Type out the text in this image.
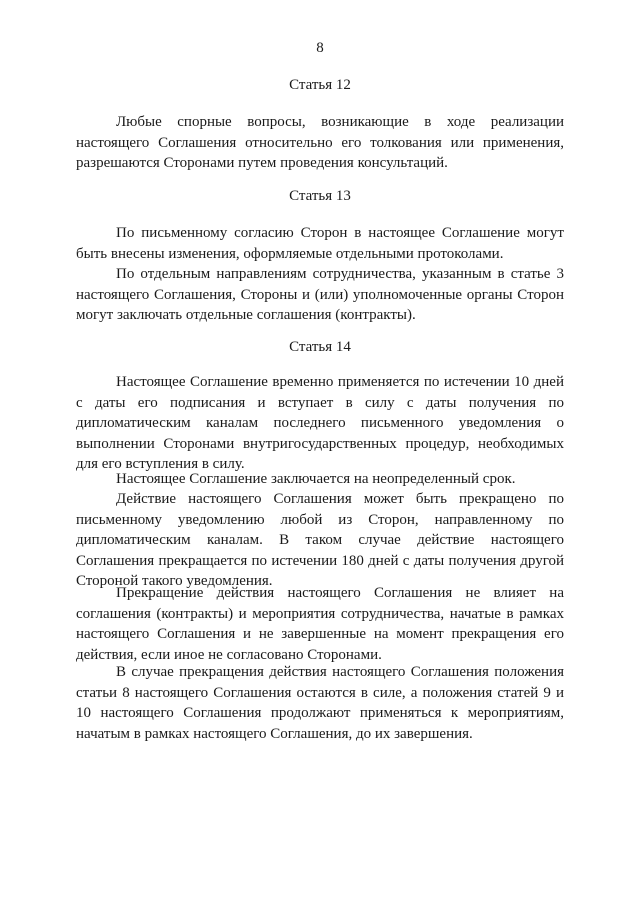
8
Статья 12

Любые спорные вопросы, возникающие в ходе реализации настоящего Соглашения относительно его толкования или применения, разрешаются Сторонами путем проведения консультаций.

Статья 13

По письменному согласию Сторон в настоящее Соглашение могут быть внесены изменения, оформляемые отдельными протоколами.

По отдельным направлениям сотрудничества, указанным в статье 3 настоящего Соглашения, Стороны и (или) уполномоченные органы Сторон могут заключать отдельные соглашения (контракты).

Статья 14

Настоящее Соглашение временно применяется по истечении 10 дней с даты его подписания и вступает в силу с даты получения по дипломатическим каналам последнего письменного уведомления о выполнении Сторонами внутригосударственных процедур, необходимых для его вступления в силу.

Настоящее Соглашение заключается на неопределенный срок.

Действие настоящего Соглашения может быть прекращено по письменному уведомлению любой из Сторон, направленному по дипломатическим каналам. В таком случае действие настоящего Соглашения прекращается по истечении 180 дней с даты получения другой Стороной такого уведомления.

Прекращение действия настоящего Соглашения не влияет на соглашения (контракты) и мероприятия сотрудничества, начатые в рамках настоящего Соглашения и не завершенные на момент прекращения его действия, если иное не согласовано Сторонами.

В случае прекращения действия настоящего Соглашения положения статьи 8 настоящего Соглашения остаются в силе, а положения статей 9 и 10 настоящего Соглашения продолжают применяться к мероприятиям, начатым в рамках настоящего Соглашения, до их завершения.
